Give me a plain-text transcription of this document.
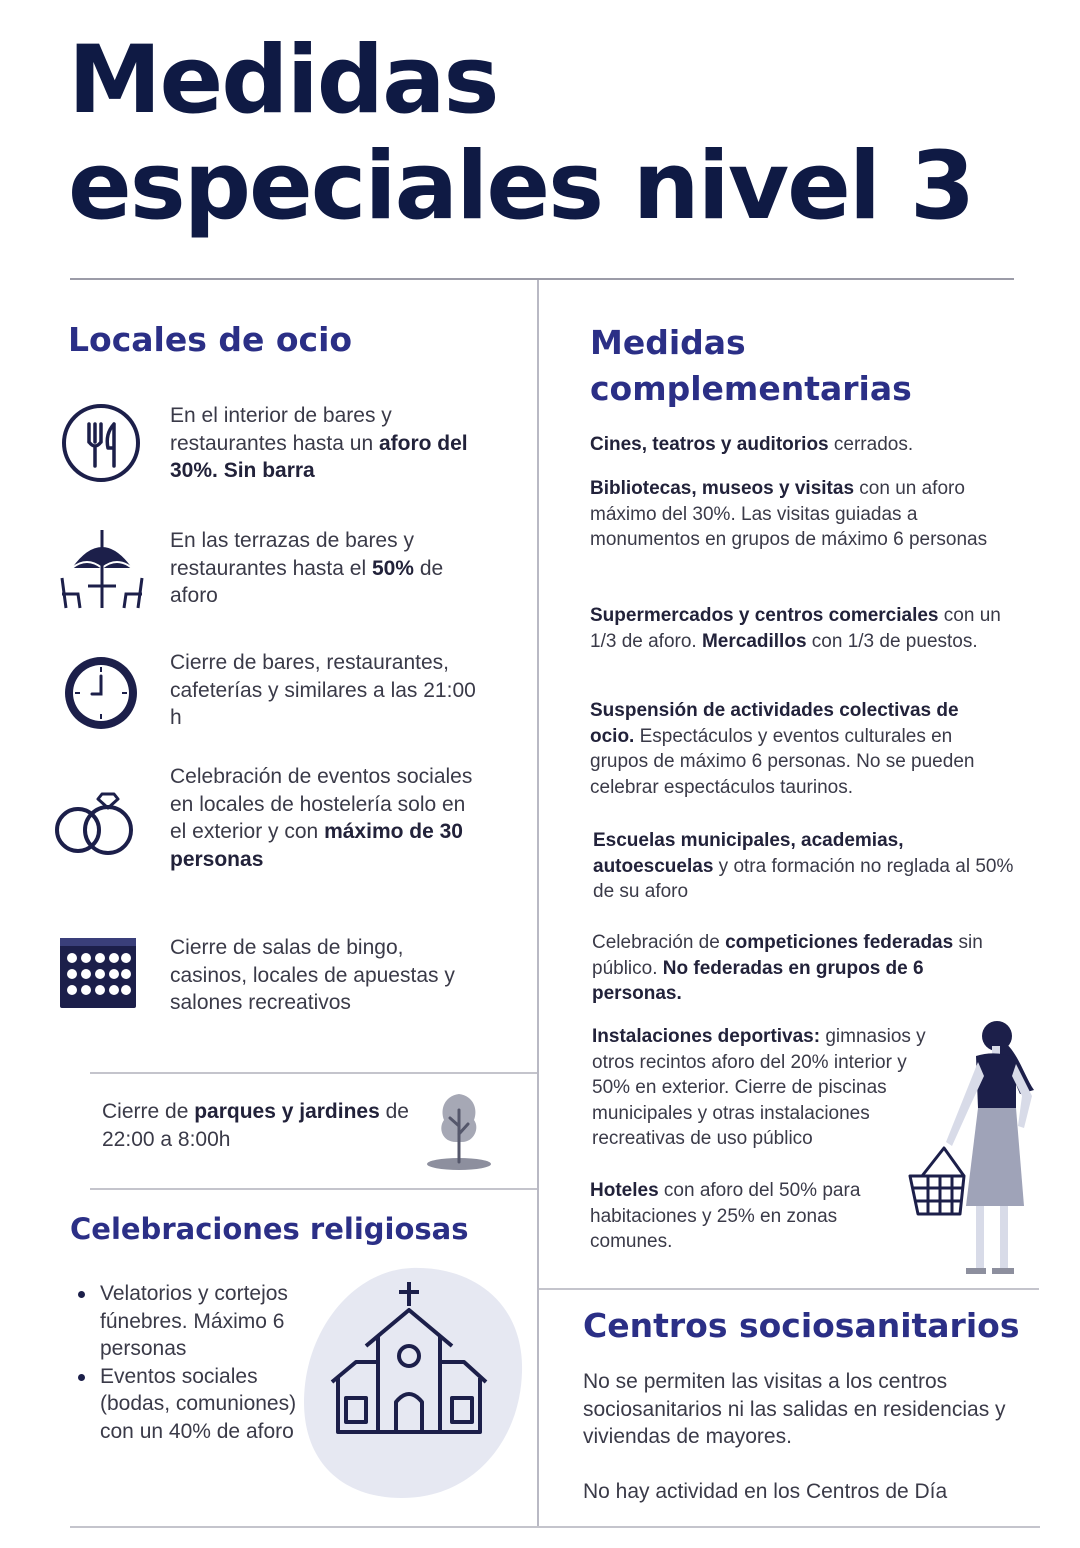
Medidas
especiales nivel 3
Locales de ocio
En el interior de bares y restaurantes hasta un aforo del 30%. Sin barra
En las terrazas de bares y restaurantes hasta el 50% de aforo
Cierre de bares, restaurantes, cafeterías y similares a las 21:00 h
Celebración de eventos sociales en locales de hostelería solo en el exterior y con máximo de 30 personas
Cierre de salas de bingo, casinos, locales de apuestas y salones recreativos
Cierre de parques y jardines de 22:00 a 8:00h
Celebraciones religiosas
Velatorios y cortejos fúnebres. Máximo 6 personas
Eventos sociales (bodas, comuniones) con un 40% de aforo
Medidas complementarias
Cines, teatros y auditorios cerrados.
Bibliotecas, museos y visitas con un aforo máximo del 30%. Las visitas guiadas a monumentos en grupos de máximo 6 personas
Supermercados y centros comerciales con un 1/3 de aforo. Mercadillos con 1/3 de puestos.
Suspensión de actividades colectivas de ocio. Espectáculos y eventos culturales en grupos de máximo 6 personas. No se pueden celebrar espectáculos taurinos.
Escuelas municipales, academias, autoescuelas y otra formación no reglada al 50% de su aforo
Celebración de competiciones federadas sin público. No federadas en grupos de 6 personas.
Instalaciones deportivas: gimnasios y otros recintos aforo del 20% interior y 50% en exterior. Cierre de piscinas municipales y otras instalaciones recreativas de uso público
Hoteles con aforo del 50% para habitaciones y 25% en zonas comunes.
Centros sociosanitarios
No se permiten las visitas a los centros sociosanitarios ni las salidas en residencias y viviendas de mayores.
No hay actividad en los Centros de Día
